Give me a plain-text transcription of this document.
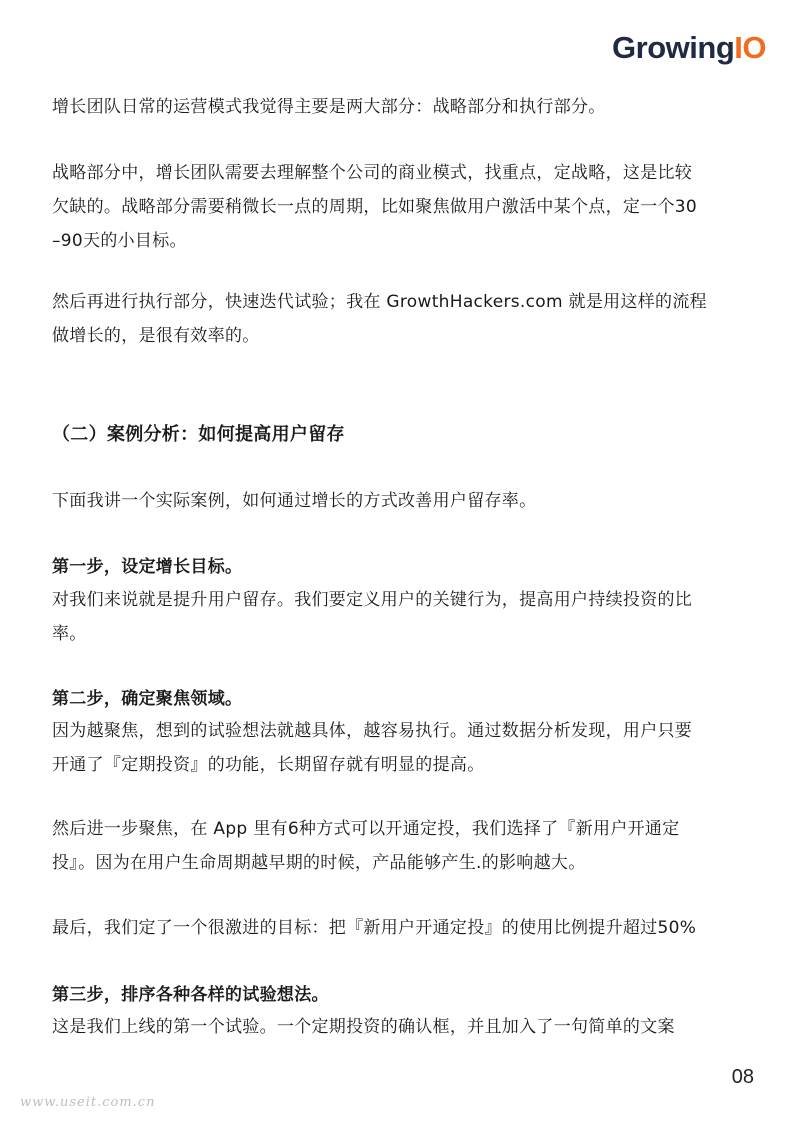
Growing IO

增长团队日常的运营模式我觉得主要是两大部分：战略部分和执行部分。

战略部分中，增长团队需要去理解整个公司的商业模式，找重点，定战略，这是比较
欠缺的。战略部分需要稍微长一点的周期，比如聚焦做用户激活中某个点，定一个30
–90天的小目标。

然后再进行执行部分，快速迭代试验；我在 GrowthHackers.com 就是用这样的流程
做增长的，是很有效率的。

（二）案例分析：如何提高用户留存

下面我讲一个实际案例，如何通过增长的方式改善用户留存率。

第一步，设定增长目标。

对我们来说就是提升用户留存。我们要定义用户的关键行为，提高用户持续投资的比
率。

第二步，确定聚焦领域。

因为越聚焦，想到的试验想法就越具体，越容易执行。通过数据分析发现，用户只要
开通了『定期投资』的功能，长期留存就有明显的提高。

然后进一步聚焦，在 App 里有6种方式可以开通定投，我们选择了『新用户开通定
投』。因为在用户生命周期越早期的时候，产品能够产生.的影响越大。

最后，我们定了一个很激进的目标：把『新用户开通定投』的使用比例提升超过50%

第三步，排序各种各样的试验想法。

这是我们上线的第一个试验。一个定期投资的确认框，并且加入了一句简单的文案

08
www.useit.com.cn
